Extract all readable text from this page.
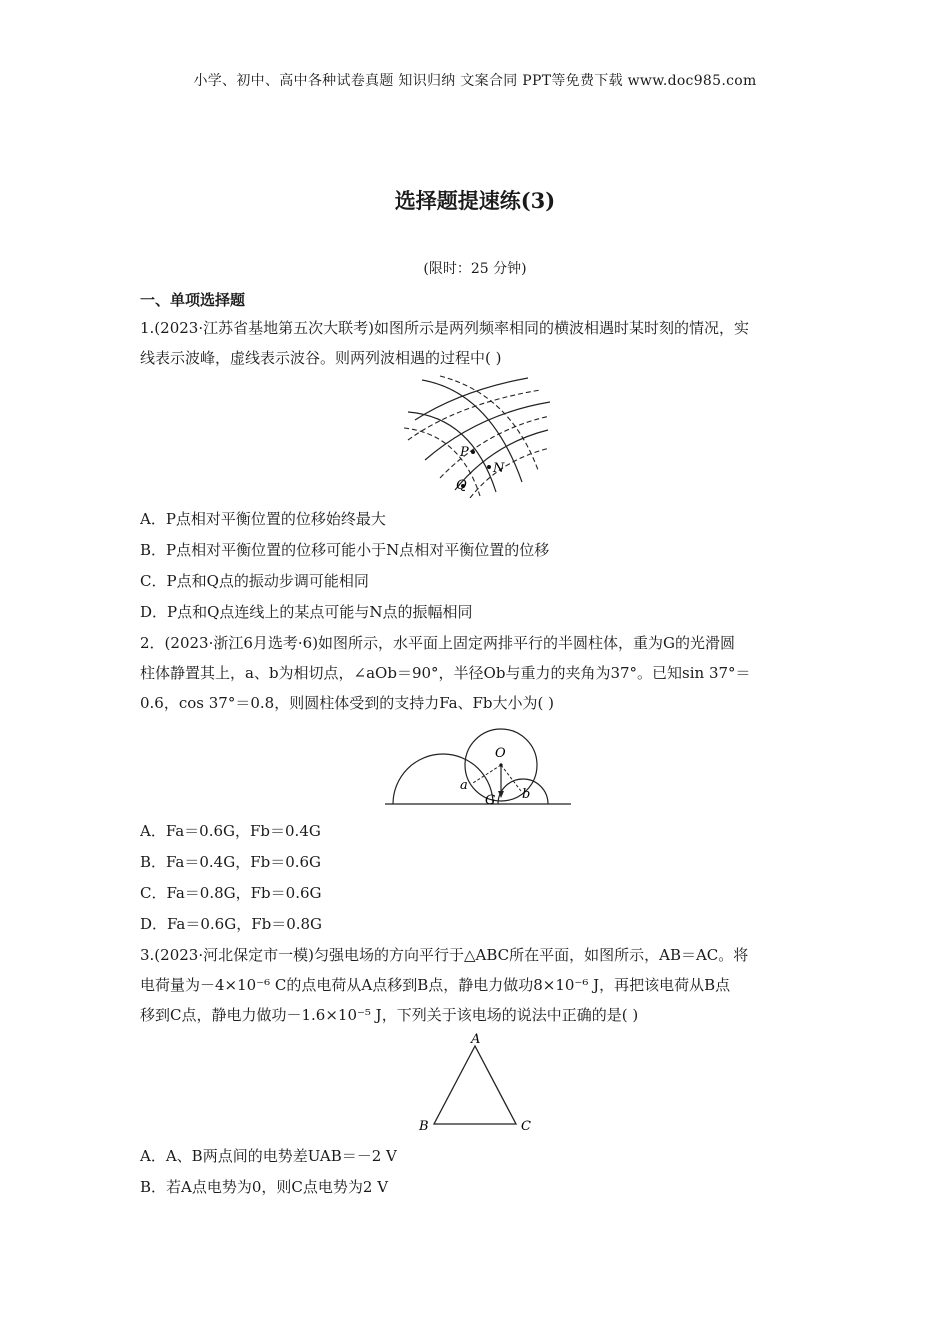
小学、初中、高中各种试卷真题 知识归纳 文案合同 PPT等免费下载 www.doc985.com
选择题提速练(3)
(限时：25 分钟)
一、单项选择题
1.(2023·江苏省基地第五次大联考)如图所示是两列频率相同的横波相遇时某时刻的情况，实
线表示波峰，虚线表示波谷。则两列波相遇的过程中( )
P
N
Q
A．P点相对平衡位置的位移始终最大
B．P点相对平衡位置的位移可能小于N点相对平衡位置的位移
C．P点和Q点的振动步调可能相同
D．P点和Q点连线上的某点可能与N点的振幅相同
2．(2023·浙江6月选考·6)如图所示，水平面上固定两排平行的半圆柱体，重为G的光滑圆
柱体静置其上，a、b为相切点，∠aOb＝90°，半径Ob与重力的夹角为37°。已知sin 37°＝
0.6，cos 37°＝0.8，则圆柱体受到的支持力Fa、Fb大小为( )
O
a
G b
A．Fa＝0.6G，Fb＝0.4G
B．Fa＝0.4G，Fb＝0.6G
C．Fa＝0.8G，Fb＝0.6G
D．Fa＝0.6G，Fb＝0.8G
3.(2023·河北保定市一模)匀强电场的方向平行于△ABC所在平面，如图所示，AB＝AC。将
电荷量为－4×10⁻⁶ C的点电荷从A点移到B点，静电力做功8×10⁻⁶ J，再把该电荷从B点
移到C点，静电力做功－1.6×10⁻⁵ J，下列关于该电场的说法中正确的是( )
A
B	C
A．A、B两点间的电势差UAB＝－2 V
B．若A点电势为0，则C点电势为2 V
